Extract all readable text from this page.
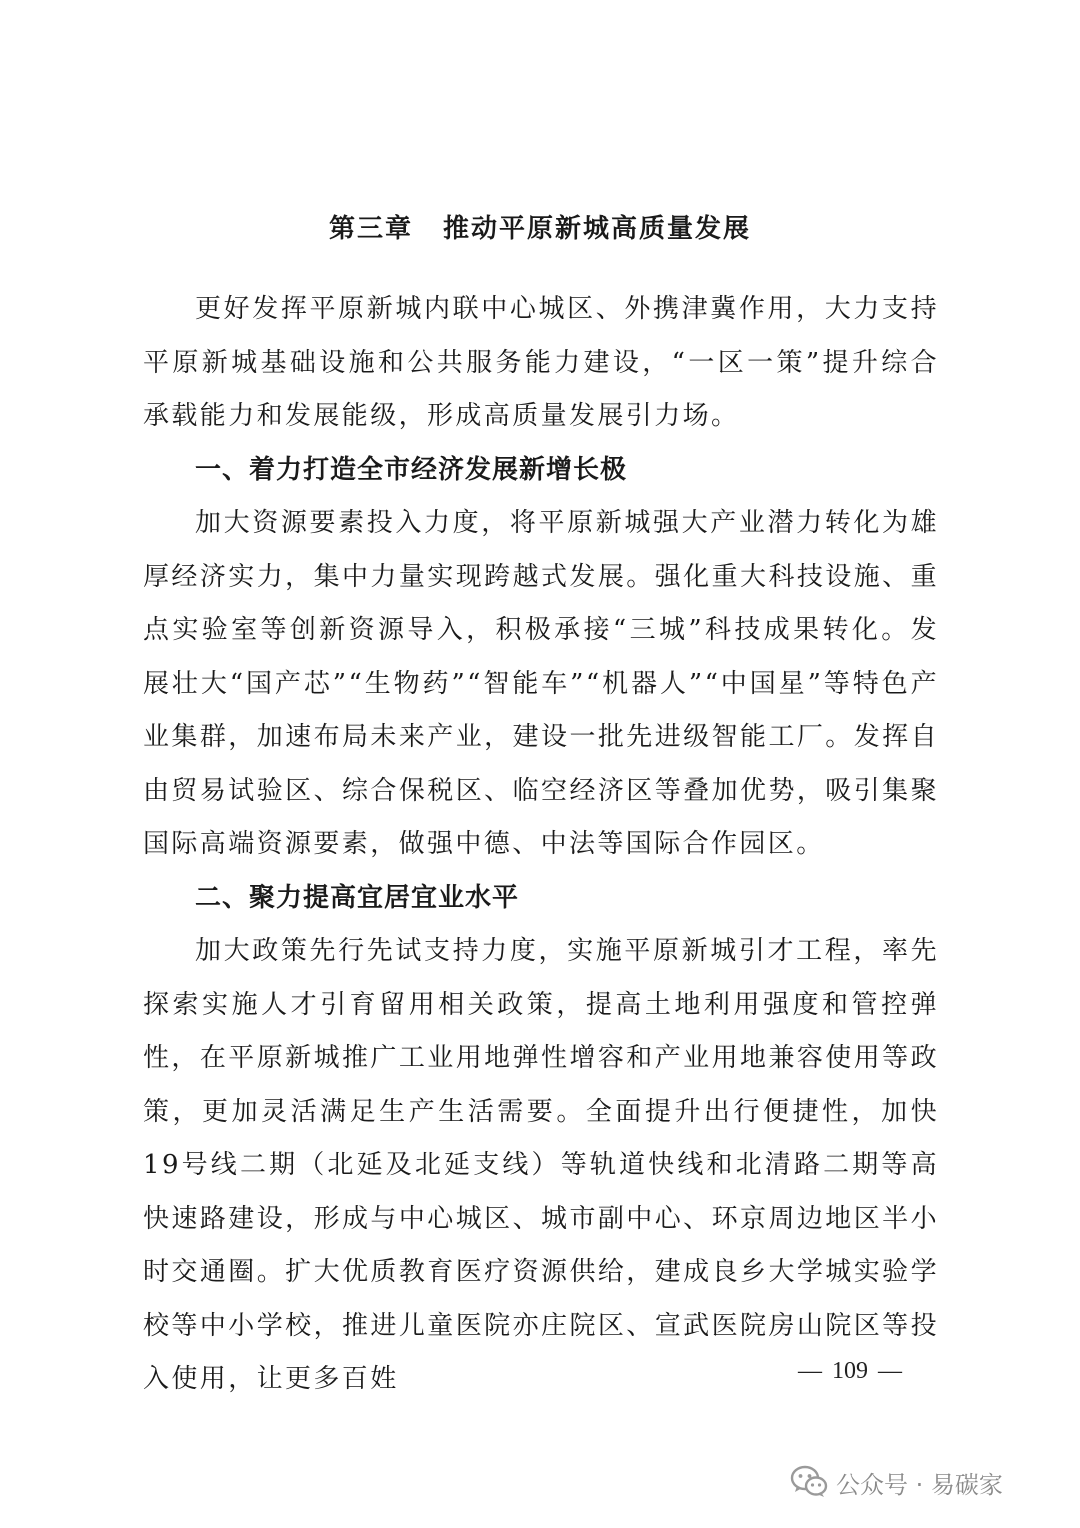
第三章 推动平原新城高质量发展

更好发挥平原新城内联中心城区、外携津冀作用，大力支持平原新城基础设施和公共服务能力建设，“一区一策”提升综合承载能力和发展能级，形成高质量发展引力场。

一、着力打造全市经济发展新增长极

加大资源要素投入力度，将平原新城强大产业潜力转化为雄厚经济实力，集中力量实现跨越式发展。强化重大科技设施、重点实验室等创新资源导入，积极承接“三城”科技成果转化。发展壮大“国产芯”“生物药”“智能车”“机器人”“中国星”等特色产业集群，加速布局未来产业，建设一批先进级智能工厂。发挥自由贸易试验区、综合保税区、临空经济区等叠加优势，吸引集聚国际高端资源要素，做强中德、中法等国际合作园区。

二、聚力提高宜居宜业水平

加大政策先行先试支持力度，实施平原新城引才工程，率先探索实施人才引育留用相关政策，提高土地利用强度和管控弹性，在平原新城推广工业用地弹性增容和产业用地兼容使用等政策，更加灵活满足生产生活需要。全面提升出行便捷性，加快19号线二期（北延及北延支线）等轨道快线和北清路二期等高快速路建设，形成与中心城区、城市副中心、环京周边地区半小时交通圈。扩大优质教育医疗资源供给，建成良乡大学城实验学校等中小学校，推进儿童医院亦庄院区、宣武医院房山院区等投入使用，让更多百姓	— 109 —
公众号 · 易碳家
